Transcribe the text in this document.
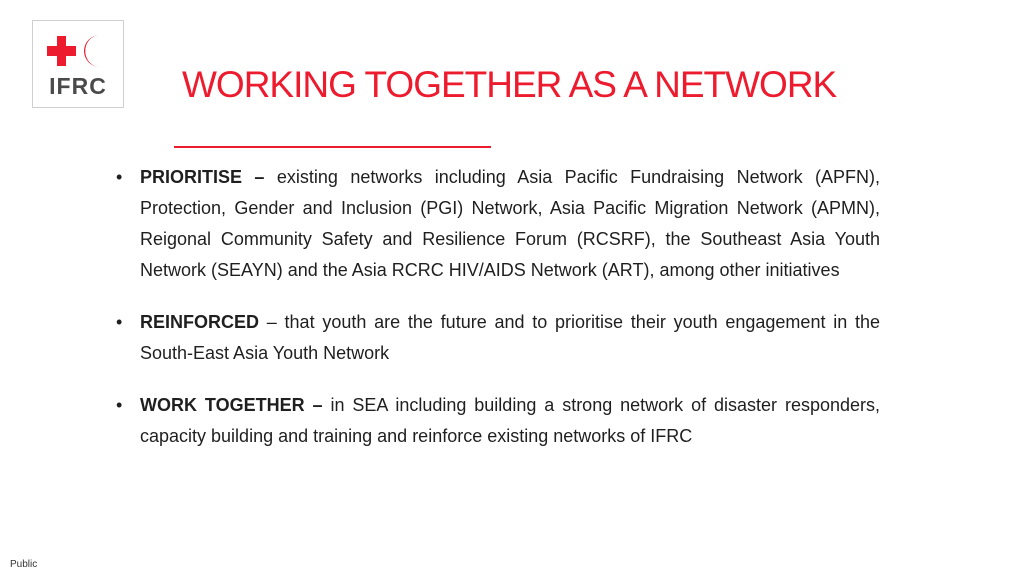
IFRC	WORKING TOGETHER AS A NETWORK
• PRIORITISE – existing networks including Asia Pacific Fundraising Network (APFN), Protection, Gender and Inclusion (PGI) Network, Asia Pacific Migration Network (APMN), Reigonal Community Safety and Resilience Forum (RCSRF), the Southeast Asia Youth Network (SEAYN) and the Asia RCRC HIV/AIDS Network (ART), among other initiatives
• REINFORCED – that youth are the future and to prioritise their youth engagement in the South-East Asia Youth Network
• WORK TOGETHER – in SEA including building a strong network of disaster responders, capacity building and training and reinforce existing networks of IFRC
Public
